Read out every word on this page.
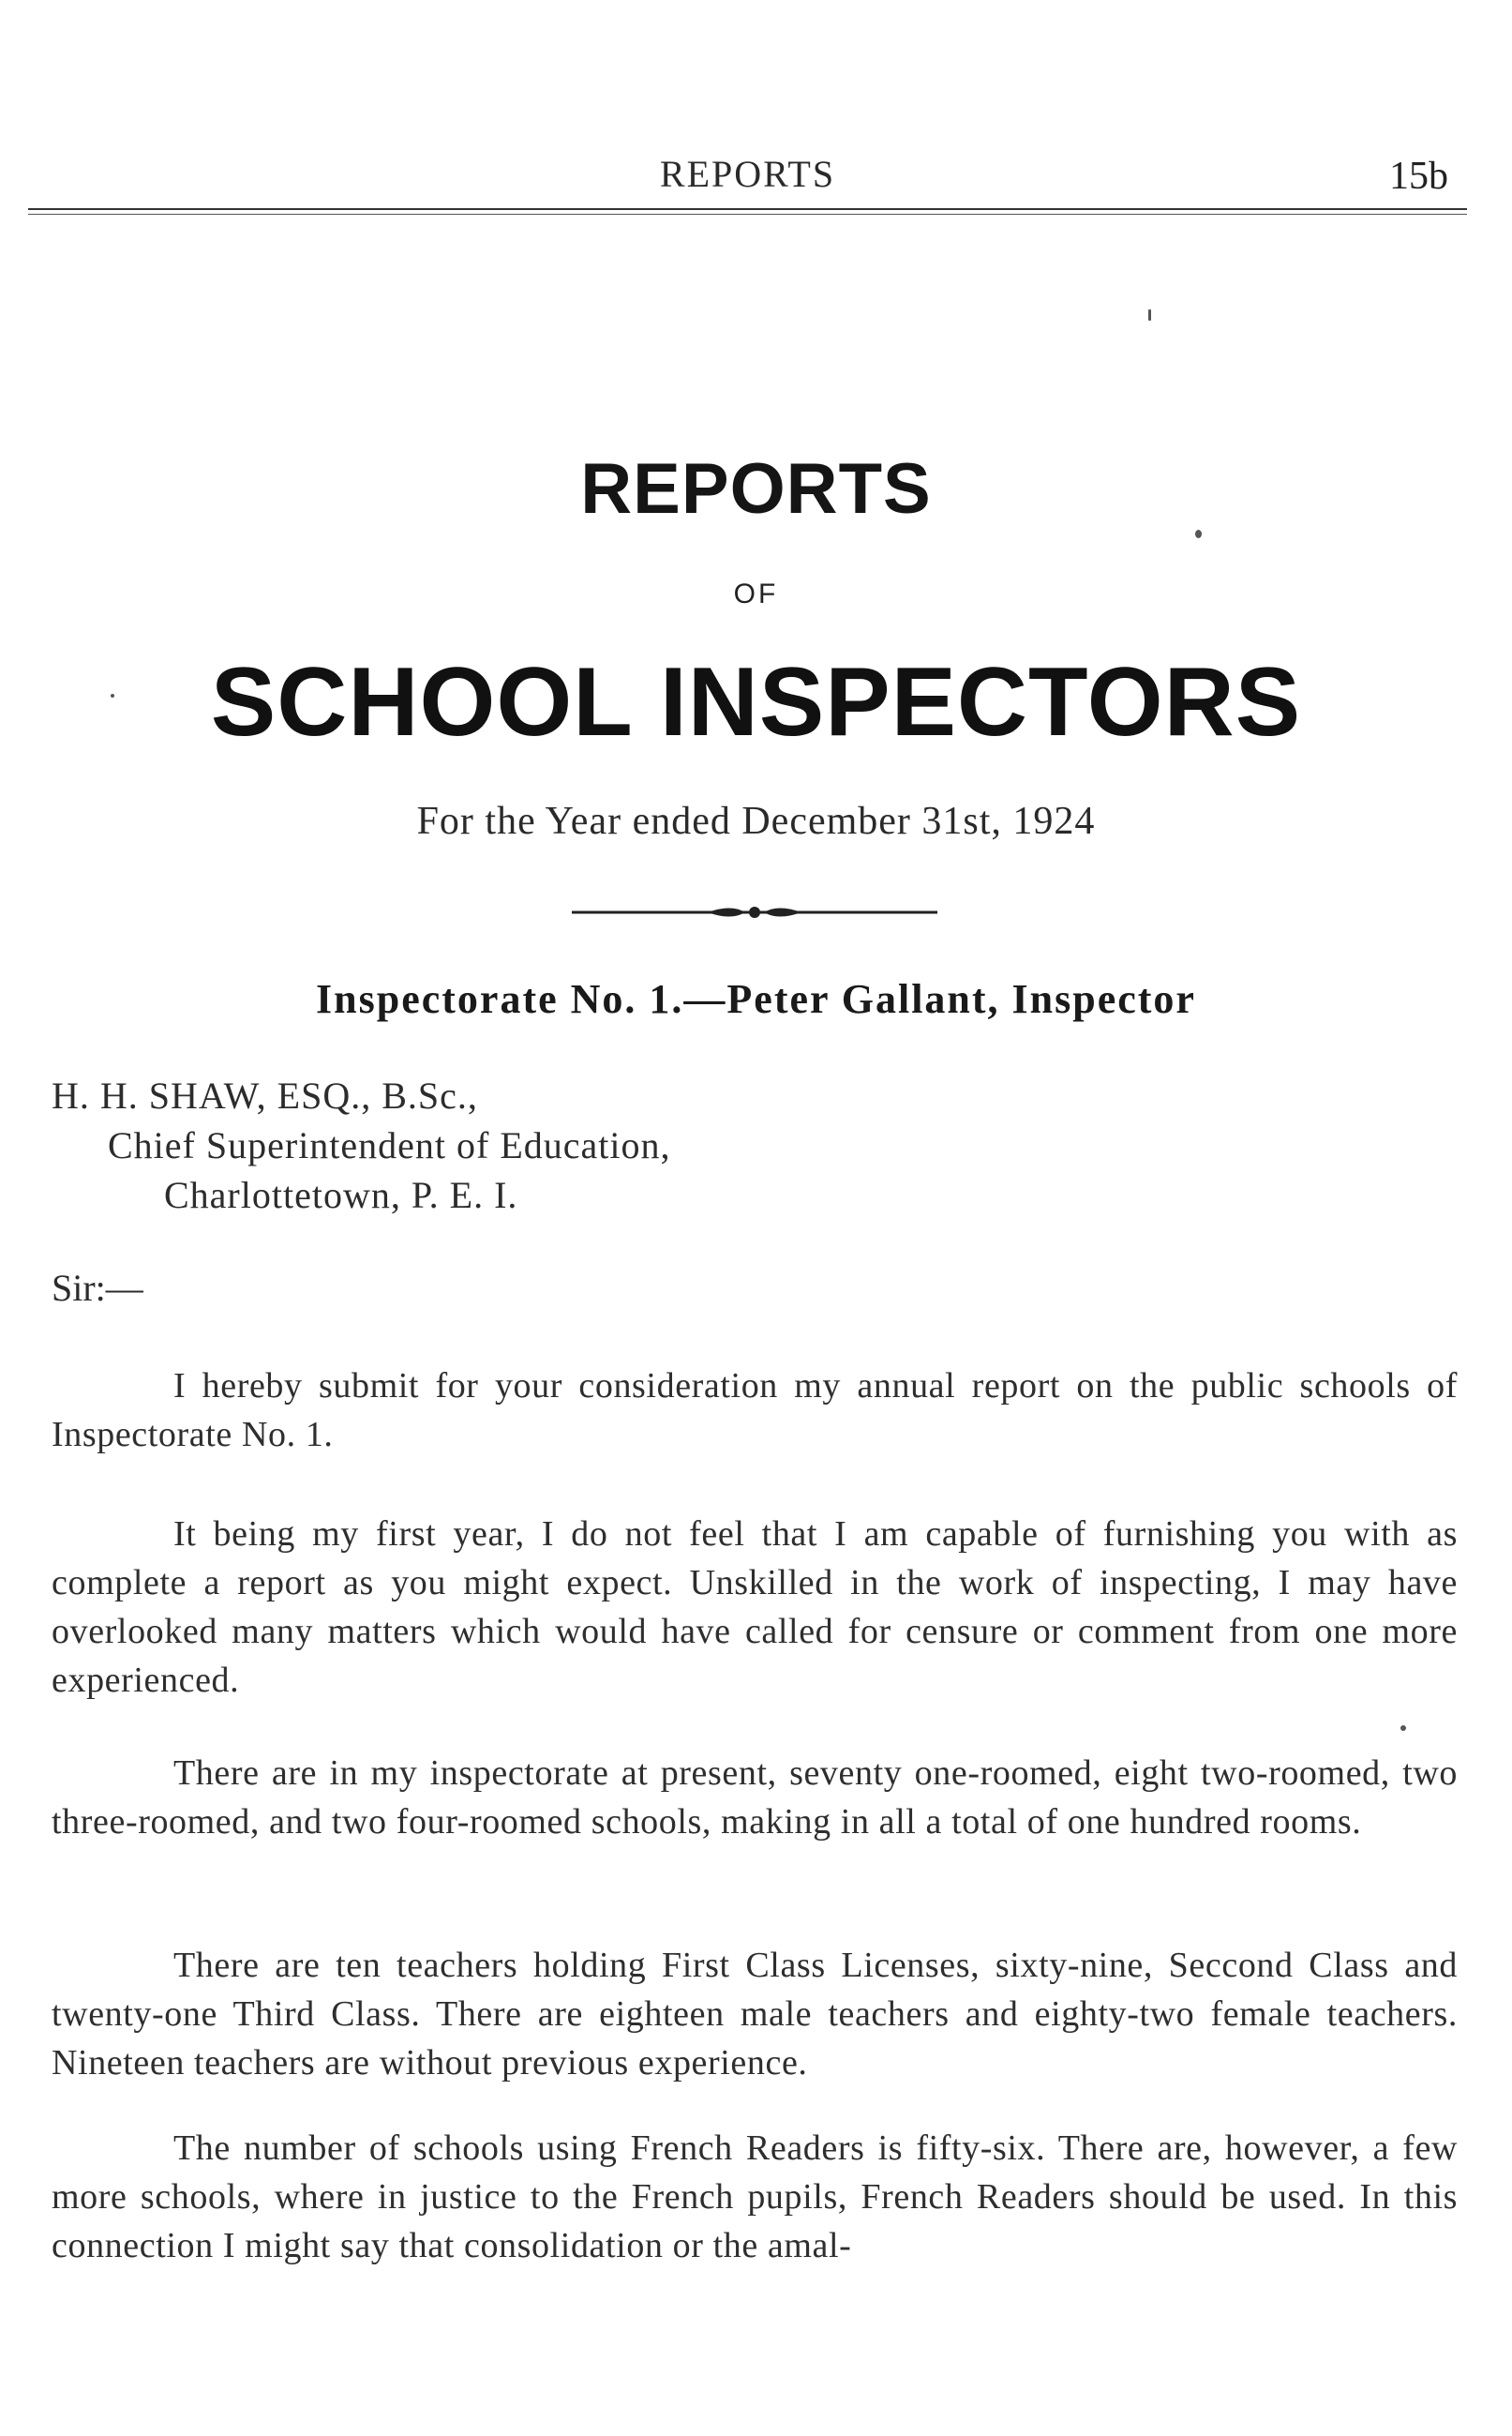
REPORTS	15b
REPORTS
OF
SCHOOL INSPECTORS
For the Year ended December 31st, 1924
Inspectorate No. 1.—Peter Gallant, Inspector
H. H. SHAW, ESQ., B.Sc.,
Chief Superintendent of Education,
Charlottetown, P. E. I.
Sir:—

I hereby submit for your consideration my annual report on the public schools of Inspectorate No. 1.

It being my first year, I do not feel that I am capable of furnishing you with as complete a report as you might expect. Unskilled in the work of inspecting, I may have overlooked many matters which would have called for censure or comment from one more experienced.

There are in my inspectorate at present, seventy one-roomed, eight two-roomed, two three-roomed, and two four-roomed schools, making in all a total of one hundred rooms.

There are ten teachers holding First Class Licenses, sixty-nine, Seccond Class and twenty-one Third Class. There are eighteen male teachers and eighty-two female teachers. Nineteen teachers are without previous experience.

The number of schools using French Readers is fifty-six. There are, however, a few more schools, where in justice to the French pupils, French Readers should be used. In this connection I might say that consolidation or the amal-
